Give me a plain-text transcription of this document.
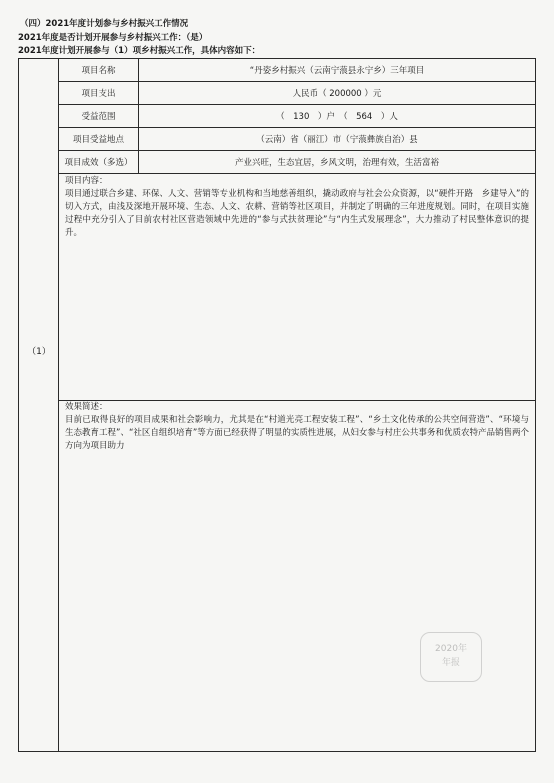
（四）2021年度计划参与乡村振兴工作情况
2021年度是否计划开展参与乡村振兴工作：（是）
2021年度计划开展参与（1）项乡村振兴工作，具体内容如下：
（1）
项目名称	“丹姿乡村振兴（云南宁蒗县永宁乡）三年项目
项目支出	人民币（ 200000 ）元
受益范围	（　130　）户　（　564　）人
项目受益地点	（云南）省（丽江）市（宁蒗彝族自治）县
项目成效（多选）	产业兴旺，生态宜居，乡风文明，治理有效，生活富裕
项目内容：
项目通过联合乡建、环保、人文、营销等专业机构和当地慈善组织，撬动政府与社会公众资源，以“硬件开路　乡建导入”的切入方式，由浅及深地开展环境、生态、人文、农耕、营销等社区项目，并制定了明确的三年进度规划。同时，在项目实施过程中充分引入了目前农村社区营造领域中先进的“参与式扶贫理论”与“内生式发展理念”，大力推动了村民整体意识的提升。
效果简述：
目前已取得良好的项目成果和社会影响力，尤其是在“村道光亮工程安装工程”、“乡土文化传承的公共空间营造”、“环境与生态教育工程”、“社区自组织培育”等方面已经获得了明显的实质性进展，从妇女参与村庄公共事务和优质农特产品销售两个方向为项目助力
2020年
年报
